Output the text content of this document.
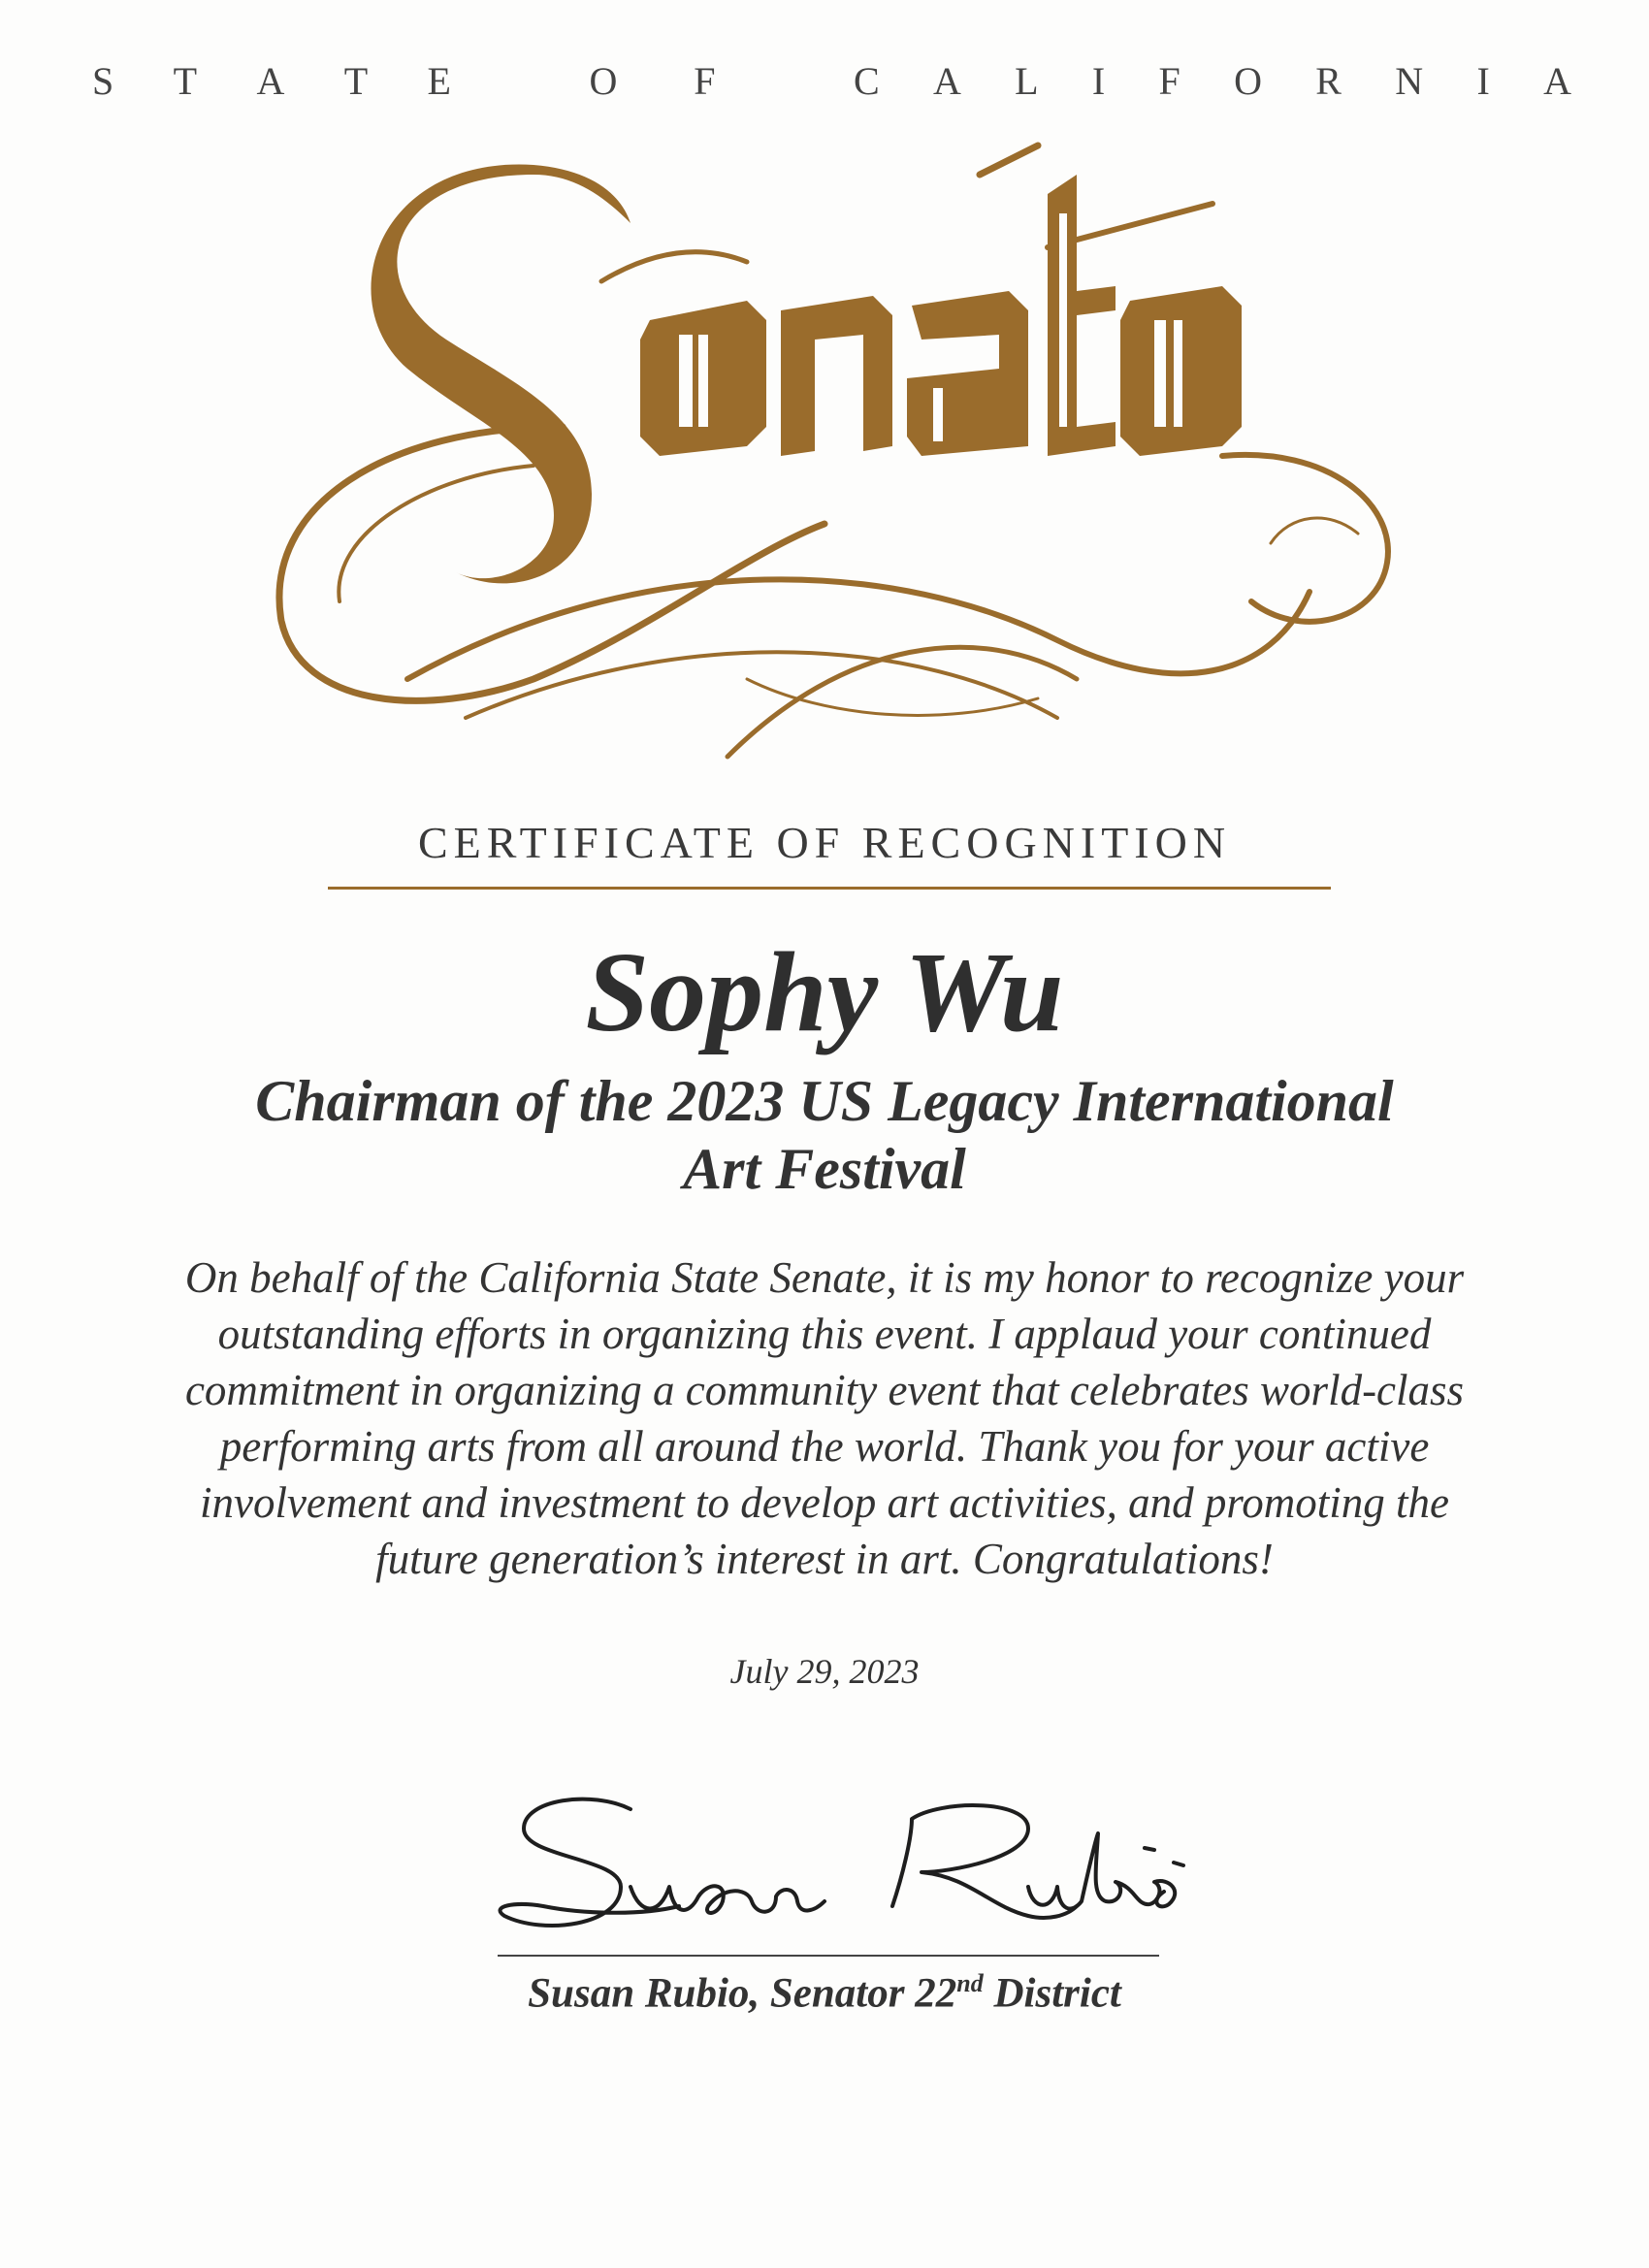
S T A T E	O F	C A L I F O R N I A
CERTIFICATE OF RECOGNITION
Sophy Wu
Chairman of the 2023 US Legacy International
Art Festival
On behalf of the California State Senate, it is my honor to recognize your
outstanding efforts in organizing this event. I applaud your continued
commitment in organizing a community event that celebrates world-class
performing arts from all around the world. Thank you for your active
involvement and investment to develop art activities, and promoting the
future generation’s interest in art. Congratulations!
July 29, 2023
Susan Rubio, Senator 22nd District
